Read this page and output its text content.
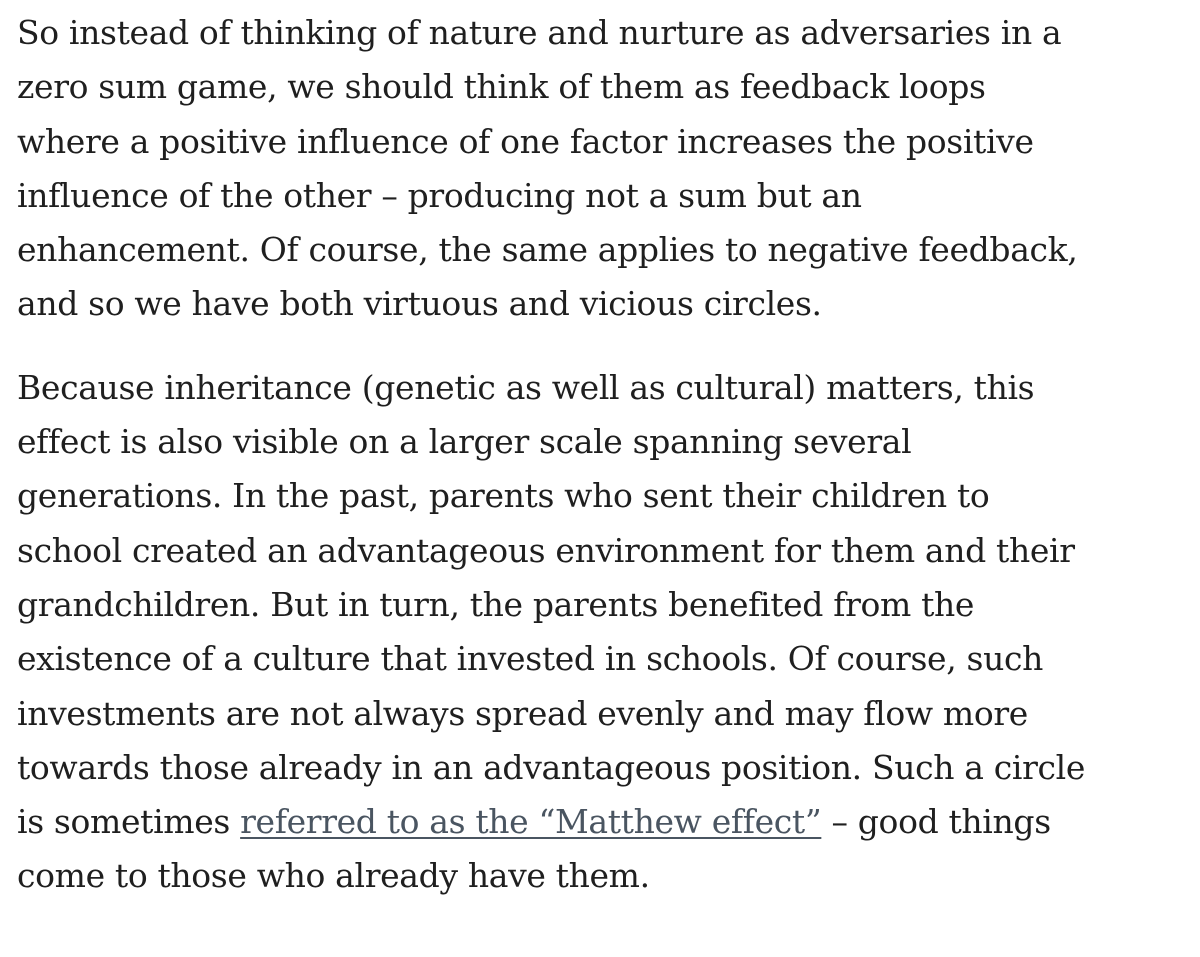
So instead of thinking of nature and nurture as adversaries in a
zero sum game, we should think of them as feedback loops
where a positive influence of one factor increases the positive
influence of the other – producing not a sum but an
enhancement. Of course, the same applies to negative feedback,
and so we have both virtuous and vicious circles.

Because inheritance (genetic as well as cultural) matters, this
effect is also visible on a larger scale spanning several
generations. In the past, parents who sent their children to
school created an advantageous environment for them and their
grandchildren. But in turn, the parents benefited from the
existence of a culture that invested in schools. Of course, such
investments are not always spread evenly and may flow more
towards those already in an advantageous position. Such a circle
is sometimes referred to as the “Matthew effect” – good things
come to those who already have them.
